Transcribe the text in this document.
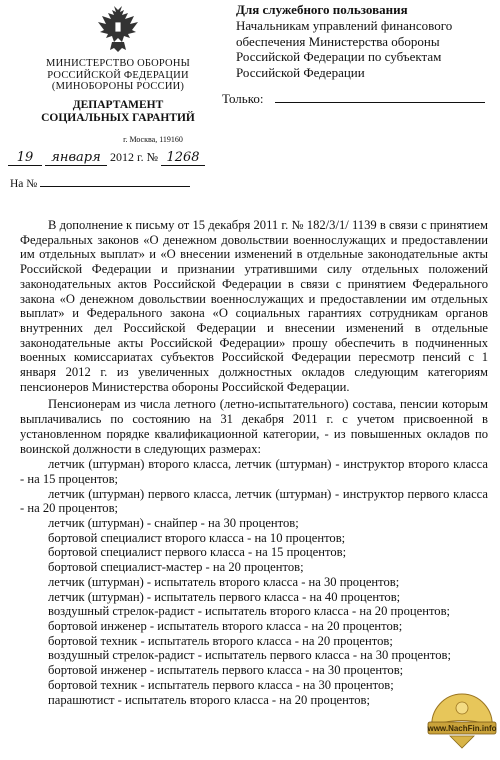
МИНИСТЕРСТВО ОБОРОНЫ
РОССИЙСКОЙ ФЕДЕРАЦИИ
(МИНОБОРОНЫ РОССИИ)
ДЕПАРТАМЕНТ
СОЦИАЛЬНЫХ ГАРАНТИЙ
г. Москва, 119160
19 января 2012 г. № 1268
На №
Для служебного пользования
Начальникам управлений финансового
обеспечения Министерства обороны
Российской Федерации по субъектам
Российской Федерации
Только:

В дополнение к письму от 15 декабря 2011 г. № 182/3/1/ 1139 в связи с принятием Федеральных законов «О денежном довольствии военнослужащих и предоставлении им отдельных выплат» и «О внесении изменений в отдельные законодательные акты Российской Федерации и признании утратившими силу отдельных положений законодательных актов Российской Федерации в связи с принятием Федерального закона «О денежном довольствии военнослужащих и предоставлении им отдельных выплат» и Федерального закона «О социальных гарантиях сотрудникам органов внутренних дел Российской Федерации и внесении изменений в отдельные законодательные акты Российской Федерации» прошу обеспечить в подчиненных военных комиссариатах субъектов Российской Федерации пересмотр пенсий с 1 января 2012 г. из увеличенных должностных окладов следующим категориям пенсионеров Министерства обороны Российской Федерации.

Пенсионерам из числа летного (летно-испытательного) состава, пенсии которым выплачивались по состоянию на 31 декабря 2011 г. с учетом присвоенной в установленном порядке квалификационной категории, - из повышенных окладов по воинской должности в следующих размерах:

летчик (штурман) второго класса, летчик (штурман) - инструктор второго класса - на 15 процентов;

летчик (штурман) первого класса, летчик (штурман) - инструктор первого класса - на 20 процентов;

летчик (штурман) - снайпер - на 30 процентов;

бортовой специалист второго класса - на 10 процентов;

бортовой специалист первого класса - на 15 процентов;

бортовой специалист-мастер - на 20 процентов;

летчик (штурман) - испытатель второго класса - на 30 процентов;

летчик (штурман) - испытатель первого класса - на 40 процентов;

воздушный стрелок-радист - испытатель второго класса - на 20 процентов;

бортовой инженер - испытатель второго класса - на 20 процентов;

бортовой техник - испытатель второго класса - на 20 процентов;

воздушный стрелок-радист - испытатель первого класса - на 30 процентов;

бортовой инженер - испытатель первого класса - на 30 процентов;

бортовой техник - испытатель первого класса - на 30 процентов;

парашютист - испытатель второго класса - на 20 процентов;

www.NachFin.info
